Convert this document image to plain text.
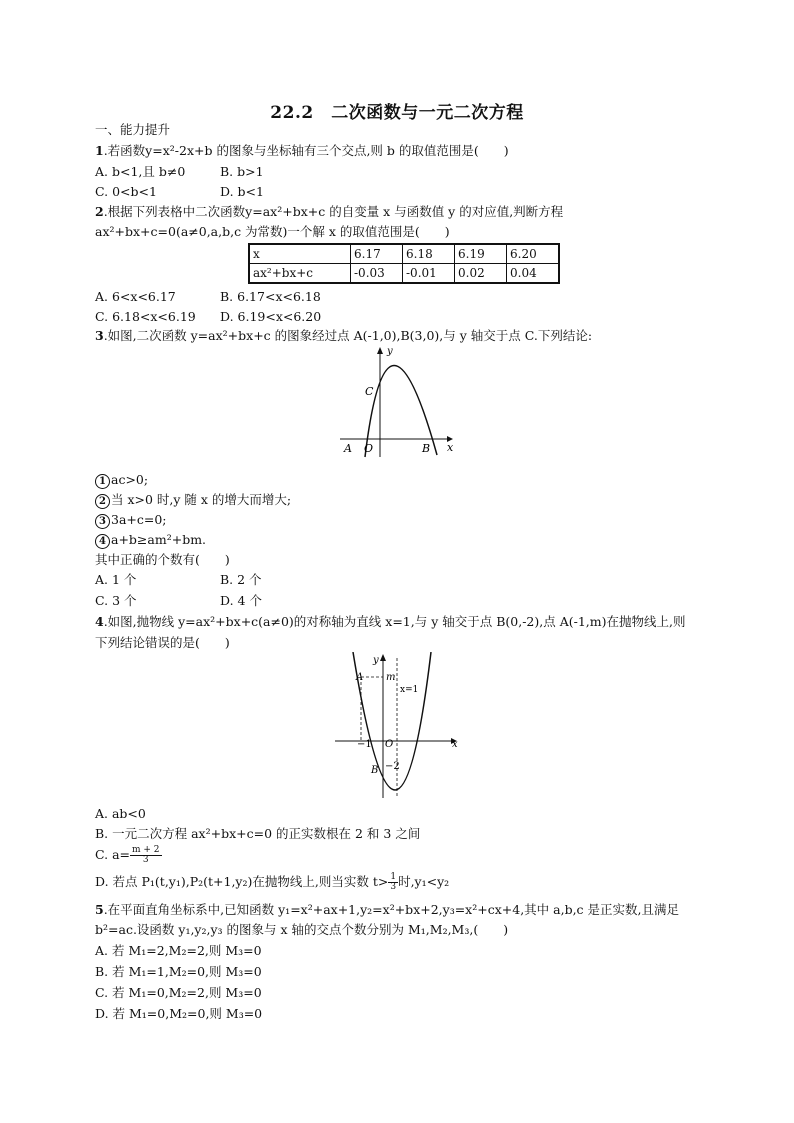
22.2　二次函数与一元二次方程
一、能力提升
1.若函数y=x²-2x+b 的图象与坐标轴有三个交点,则 b 的取值范围是(　　)
A. b<1,且 b≠0	B. b>1
C. 0<b<1	D. b<1
2.根据下列表格中二次函数y=ax²+bx+c 的自变量 x 与函数值 y 的对应值,判断方程
ax²+bx+c=0(a≠0,a,b,c 为常数)一个解 x 的取值范围是(　　)
x	6.17	6.18	6.19	6.20
ax²+bx+c	-0.03	-0.01	0.02	0.04
A. 6<x<6.17	B. 6.17<x<6.18
C. 6.18<x<6.19 D. 6.19<x<6.20
3.如图,二次函数 y=ax²+bx+c 的图象经过点 A(-1,0),B(3,0),与 y 轴交于点 C.下列结论:
y
x
C
A O	B
1 ac>0;
2 当 x>0 时,y 随 x 的增大而增大;
3 3a+c=0;
4 a+b≥am²+bm.
其中正确的个数有(　　)
A. 1 个	B. 2 个
C. 3 个	D. 4 个
4.如图,抛物线 y=ax²+bx+c(a≠0)的对称轴为直线 x=1,与 y 轴交于点 B(0,-2),点 A(-1,m)在抛物线上,则
下列结论错误的是(　　)
y
x
A m
x=1
−1 O
B −2
A. ab<0
B. 一元二次方程 ax²+bx+c=0 的正实数根在 2 和 3 之间
C. $a= \frac{m + 2}{3}$
D. 若点 P₁(t,y₁),P₂(t+1,y₂)在抛物线上,则当实数 $t> \frac{1}{3}$ 时,y₁<y₂
5.在平面直角坐标系中,已知函数 y₁=x²+ax+1,y₂=x²+bx+2,y₃=x²+cx+4,其中 a,b,c 是正实数,且满足
b²=ac.设函数 y₁,y₂,y₃ 的图象与 x 轴的交点个数分别为 M₁,M₂,M₃,(　　)
A. 若 M₁=2,M₂=2,则 M₃=0
B. 若 M₁=1,M₂=0,则 M₃=0
C. 若 M₁=0,M₂=2,则 M₃=0
D. 若 M₁=0,M₂=0,则 M₃=0
